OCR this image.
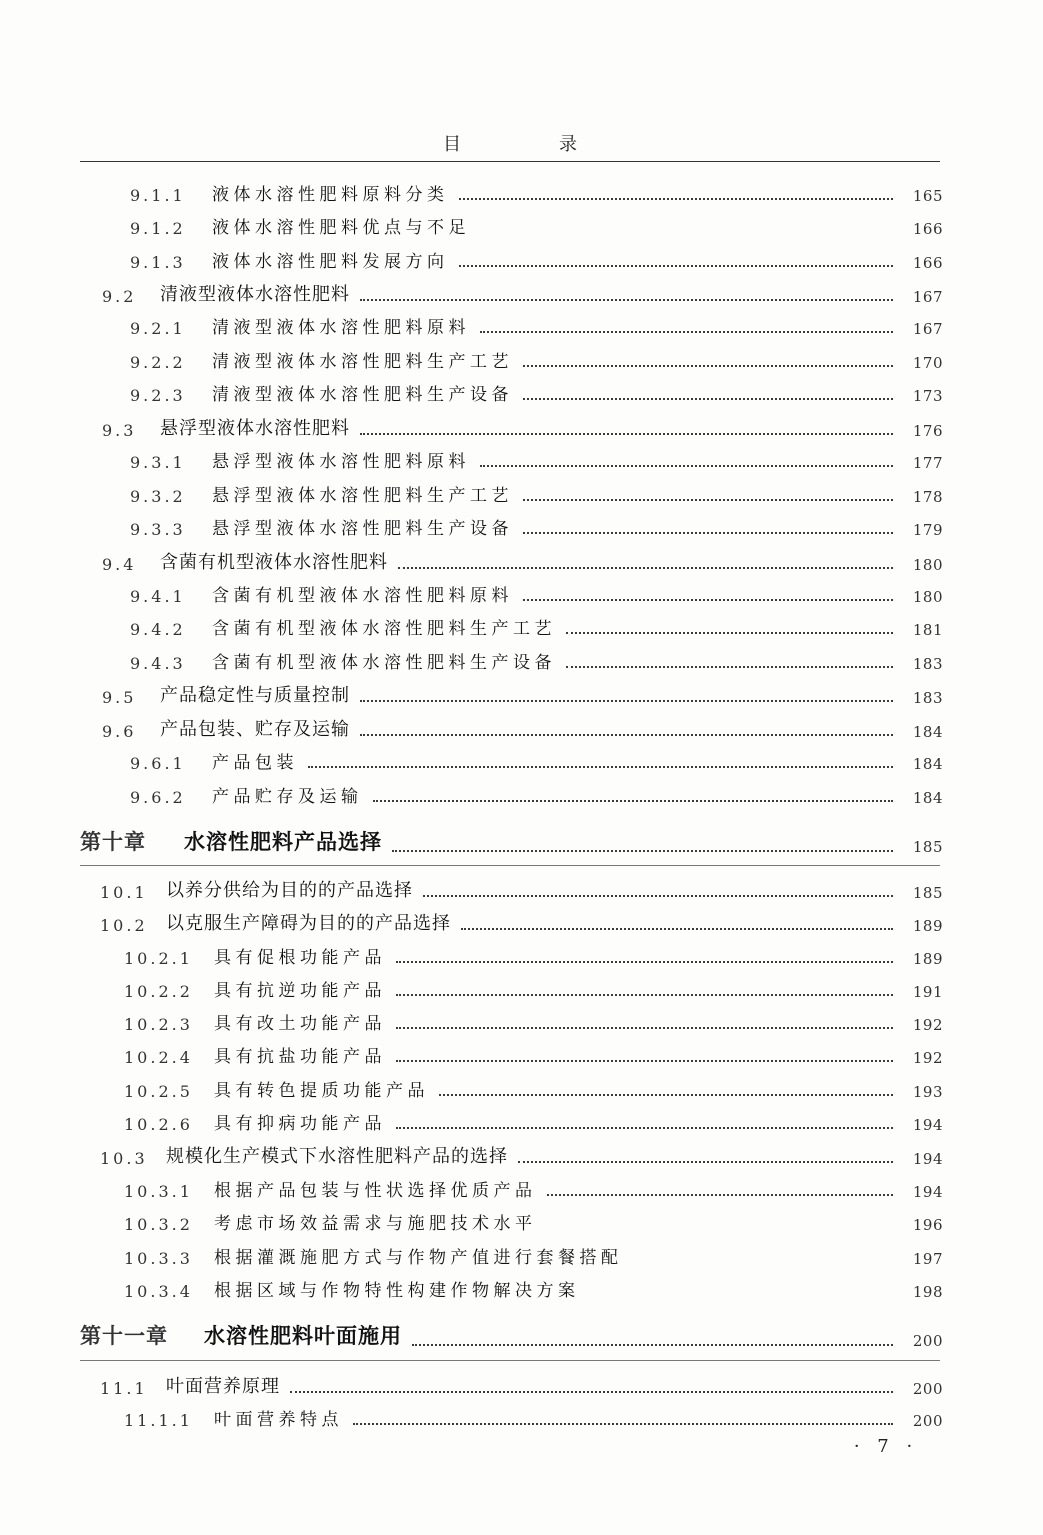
目　录
9.1.1	液体水溶性肥料原料分类	165
9.1.2	液体水溶性肥料优点与不足	166
9.1.3	液体水溶性肥料发展方向	166
9.2	清液型液体水溶性肥料	167
9.2.1	清液型液体水溶性肥料原料	167
9.2.2	清液型液体水溶性肥料生产工艺	170
9.2.3	清液型液体水溶性肥料生产设备	173
9.3	悬浮型液体水溶性肥料	176
9.3.1	悬浮型液体水溶性肥料原料	177
9.3.2	悬浮型液体水溶性肥料生产工艺	178
9.3.3	悬浮型液体水溶性肥料生产设备	179
9.4	含菌有机型液体水溶性肥料	180
9.4.1	含菌有机型液体水溶性肥料原料	180
9.4.2	含菌有机型液体水溶性肥料生产工艺	181
9.4.3	含菌有机型液体水溶性肥料生产设备	183
9.5	产品稳定性与质量控制	183
9.6	产品包装、贮存及运输	184
9.6.1	产品包装	184
9.6.2	产品贮存及运输	184
第十章	水溶性肥料产品选择	185
10.1	以养分供给为目的的产品选择	185
10.2	以克服生产障碍为目的的产品选择	189
10.2.1	具有促根功能产品	189
10.2.2	具有抗逆功能产品	191
10.2.3	具有改土功能产品	192
10.2.4	具有抗盐功能产品	192
10.2.5	具有转色提质功能产品	193
10.2.6	具有抑病功能产品	194
10.3	规模化生产模式下水溶性肥料产品的选择	194
10.3.1	根据产品包装与性状选择优质产品	194
10.3.2	考虑市场效益需求与施肥技术水平	196
10.3.3	根据灌溉施肥方式与作物产值进行套餐搭配	197
10.3.4	根据区域与作物特性构建作物解决方案	198
第十一章	水溶性肥料叶面施用	200
11.1	叶面营养原理	200
11.1.1	叶面营养特点	200
· 7 ·
